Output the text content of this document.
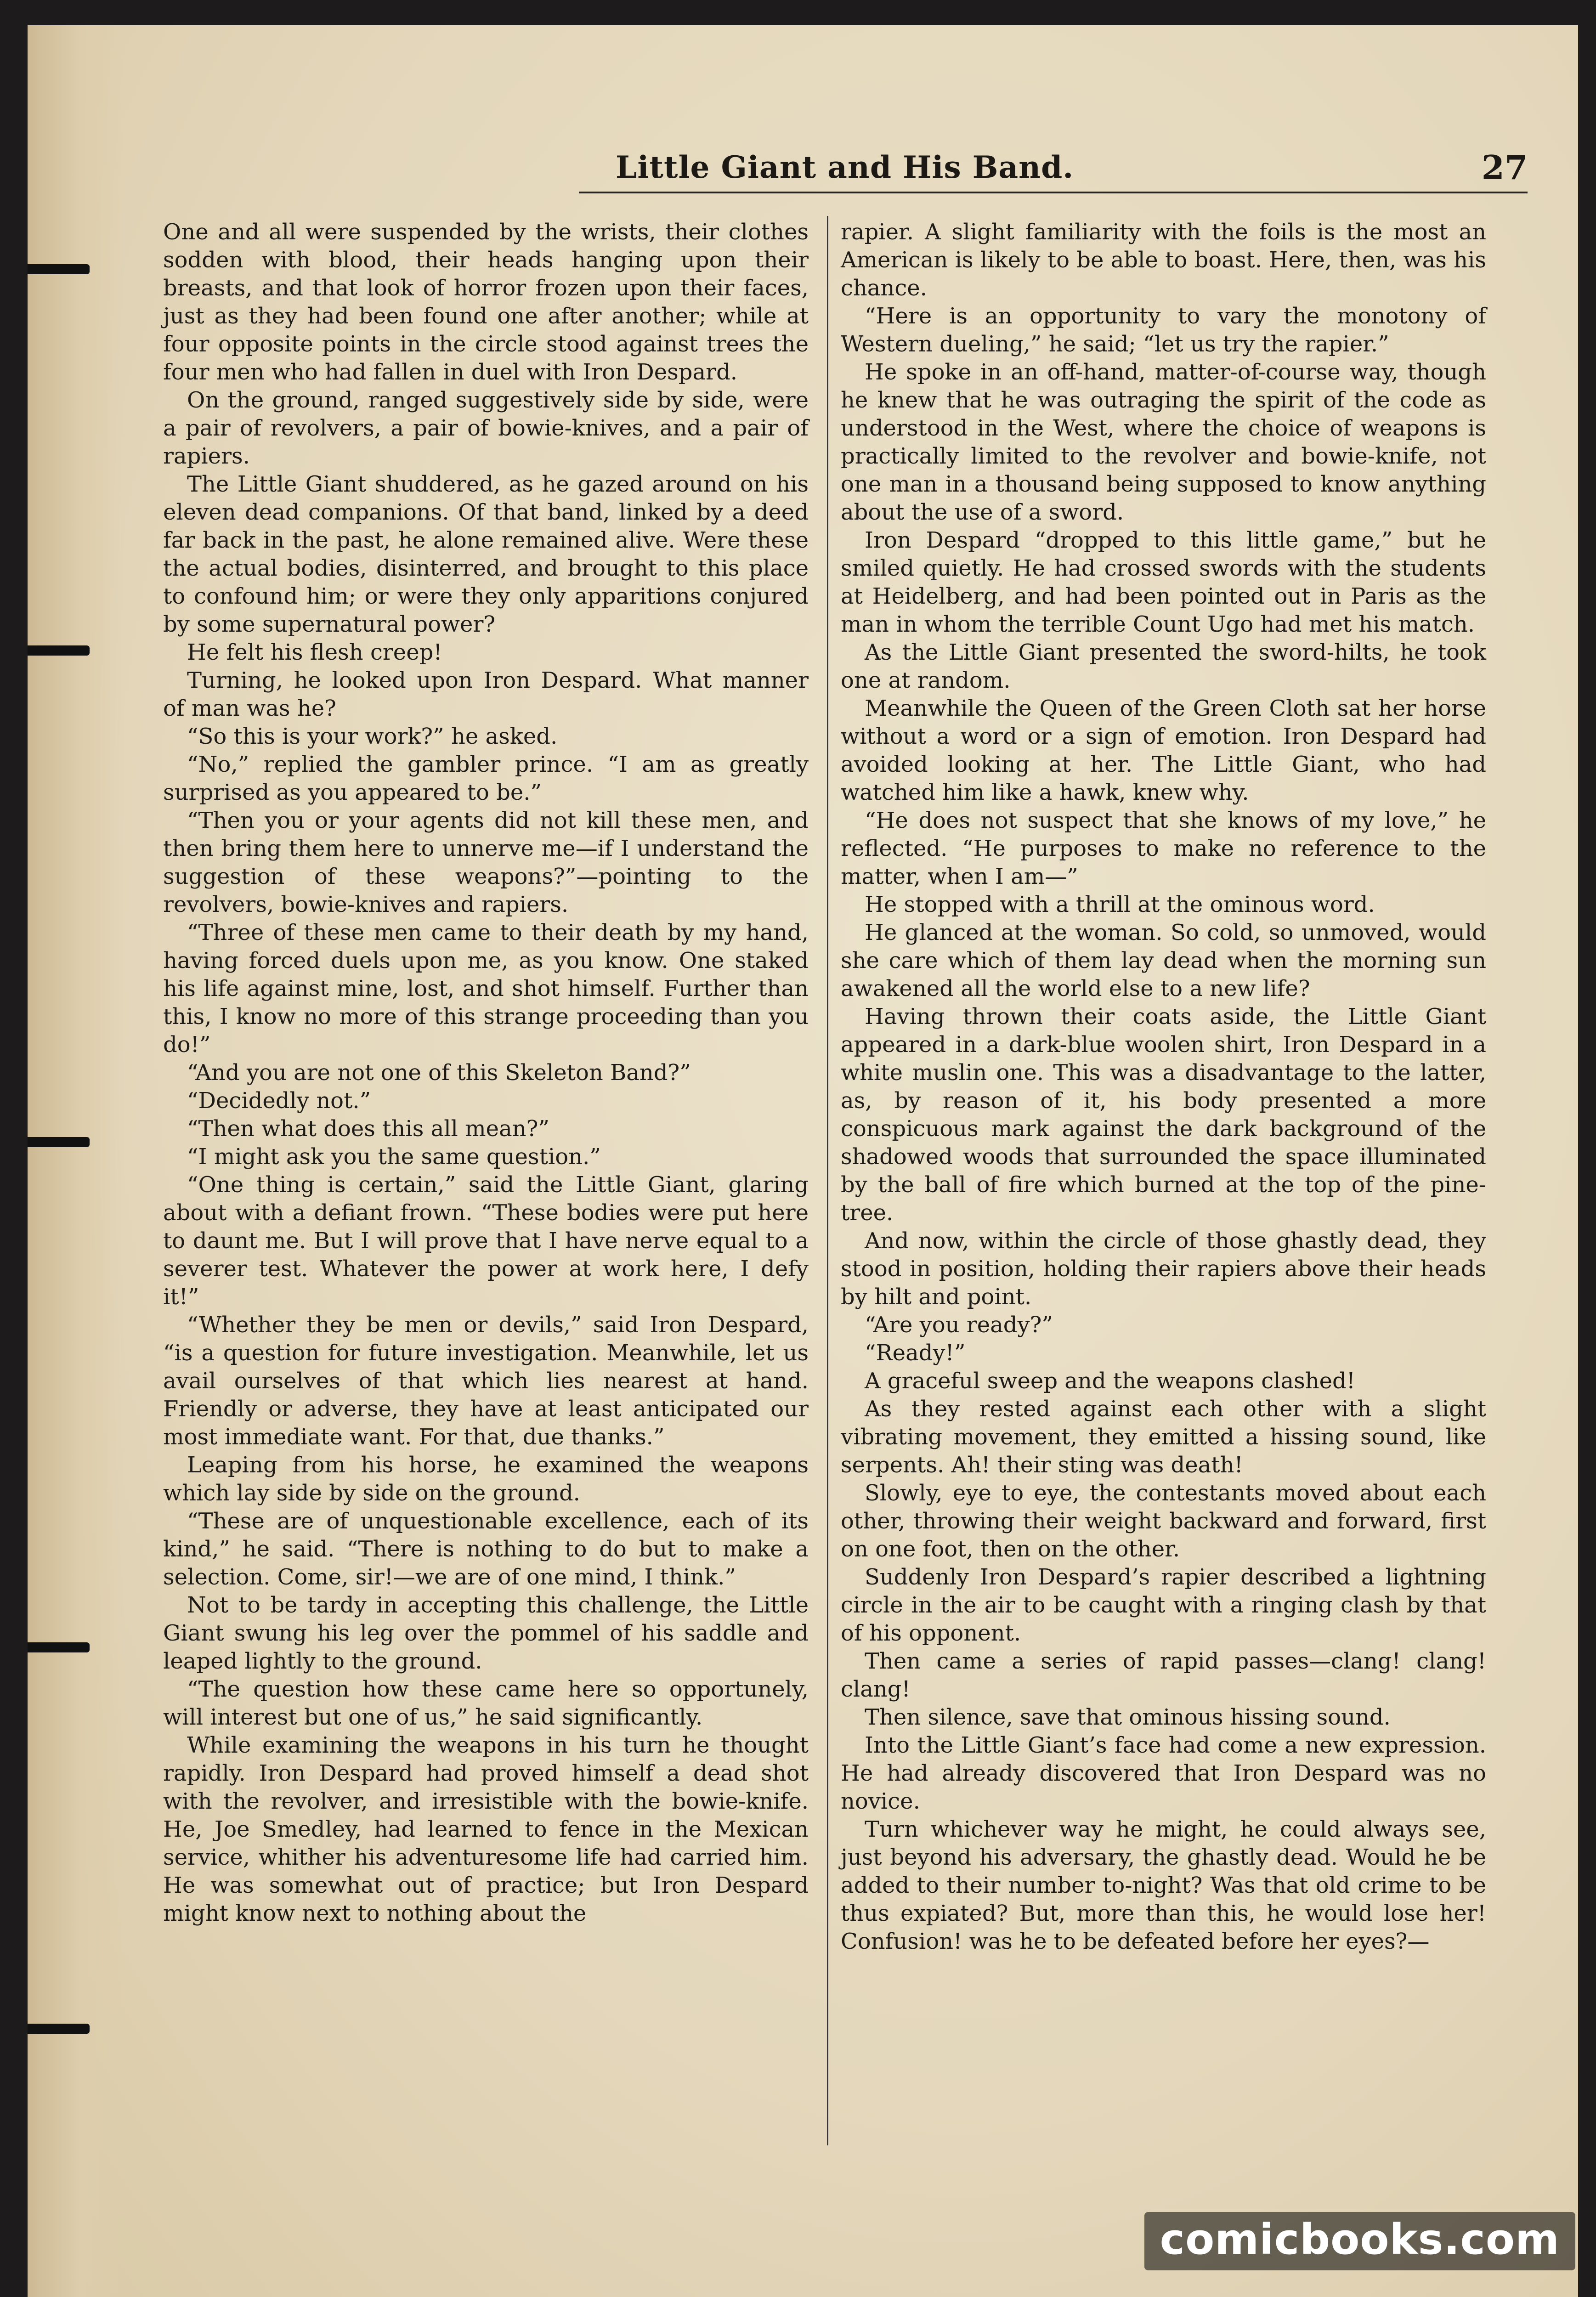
Little Giant and His Band.	27

One and all were suspended by the wrists, their clothes sodden with blood, their heads hanging upon their breasts, and that look of horror frozen upon their faces, just as they had been found one after another; while at four opposite points in the circle stood against trees the four men who had fallen in duel with Iron Despard.

On the ground, ranged suggestively side by side, were a pair of revolvers, a pair of bowie-knives, and a pair of rapiers.

The Little Giant shuddered, as he gazed around on his eleven dead companions. Of that band, linked by a deed far back in the past, he alone remained alive. Were these the actual bodies, disinterred, and brought to this place to confound him; or were they only apparitions conjured by some supernatural power?

He felt his flesh creep!

Turning, he looked upon Iron Despard. What manner of man was he?

“So this is your work?” he asked.

“No,” replied the gambler prince. “I am as greatly surprised as you appeared to be.”

“Then you or your agents did not kill these men, and then bring them here to unnerve me—if I understand the suggestion of these weapons?”—pointing to the revolvers, bowie-knives and rapiers.

“Three of these men came to their death by my hand, having forced duels upon me, as you know. One staked his life against mine, lost, and shot himself. Further than this, I know no more of this strange proceeding than you do!”

“And you are not one of this Skeleton Band?”

“Decidedly not.”

“Then what does this all mean?”

“I might ask you the same question.”

“One thing is certain,” said the Little Giant, glaring about with a defiant frown. “These bodies were put here to daunt me. But I will prove that I have nerve equal to a severer test. Whatever the power at work here, I defy it!”

“Whether they be men or devils,” said Iron Despard, “is a question for future investigation. Meanwhile, let us avail ourselves of that which lies nearest at hand. Friendly or adverse, they have at least anticipated our most immediate want. For that, due thanks.”

Leaping from his horse, he examined the weapons which lay side by side on the ground.

“These are of unquestionable excellence, each of its kind,” he said. “There is nothing to do but to make a selection. Come, sir!—we are of one mind, I think.”

Not to be tardy in accepting this challenge, the Little Giant swung his leg over the pommel of his saddle and leaped lightly to the ground.

“The question how these came here so opportunely, will interest but one of us,” he said significantly.

While examining the weapons in his turn he thought rapidly. Iron Despard had proved himself a dead shot with the revolver, and irresistible with the bowie-knife. He, Joe Smedley, had learned to fence in the Mexican service, whither his adventuresome life had carried him. He was somewhat out of practice; but Iron Despard might know next to nothing about the

rapier. A slight familiarity with the foils is the most an American is likely to be able to boast. Here, then, was his chance.

“Here is an opportunity to vary the monotony of Western dueling,” he said; “let us try the rapier.”

He spoke in an off-hand, matter-of-course way, though he knew that he was outraging the spirit of the code as understood in the West, where the choice of weapons is practically limited to the revolver and bowie-knife, not one man in a thousand being supposed to know anything about the use of a sword.

Iron Despard “dropped to this little game,” but he smiled quietly. He had crossed swords with the students at Heidelberg, and had been pointed out in Paris as the man in whom the terrible Count Ugo had met his match.

As the Little Giant presented the sword-hilts, he took one at random.

Meanwhile the Queen of the Green Cloth sat her horse without a word or a sign of emotion. Iron Despard had avoided looking at her. The Little Giant, who had watched him like a hawk, knew why.

“He does not suspect that she knows of my love,” he reflected. “He purposes to make no reference to the matter, when I am—”

He stopped with a thrill at the ominous word.

He glanced at the woman. So cold, so unmoved, would she care which of them lay dead when the morning sun awakened all the world else to a new life?

Having thrown their coats aside, the Little Giant appeared in a dark-blue woolen shirt, Iron Despard in a white muslin one. This was a disadvantage to the latter, as, by reason of it, his body presented a more conspicuous mark against the dark background of the shadowed woods that surrounded the space illuminated by the ball of fire which burned at the top of the pine-tree.

And now, within the circle of those ghastly dead, they stood in position, holding their rapiers above their heads by hilt and point.

“Are you ready?”

“Ready!”

A graceful sweep and the weapons clashed!

As they rested against each other with a slight vibrating movement, they emitted a hissing sound, like serpents. Ah! their sting was death!

Slowly, eye to eye, the contestants moved about each other, throwing their weight backward and forward, first on one foot, then on the other.

Suddenly Iron Despard’s rapier described a lightning circle in the air to be caught with a ringing clash by that of his opponent.

Then came a series of rapid passes—clang! clang! clang!

Then silence, save that ominous hissing sound.

Into the Little Giant’s face had come a new expression. He had already discovered that Iron Despard was no novice.

Turn whichever way he might, he could always see, just beyond his adversary, the ghastly dead. Would he be added to their number to-night? Was that old crime to be thus expiated? But, more than this, he would lose her! Confusion! was he to be defeated before her eyes?—

comicbooks.com
